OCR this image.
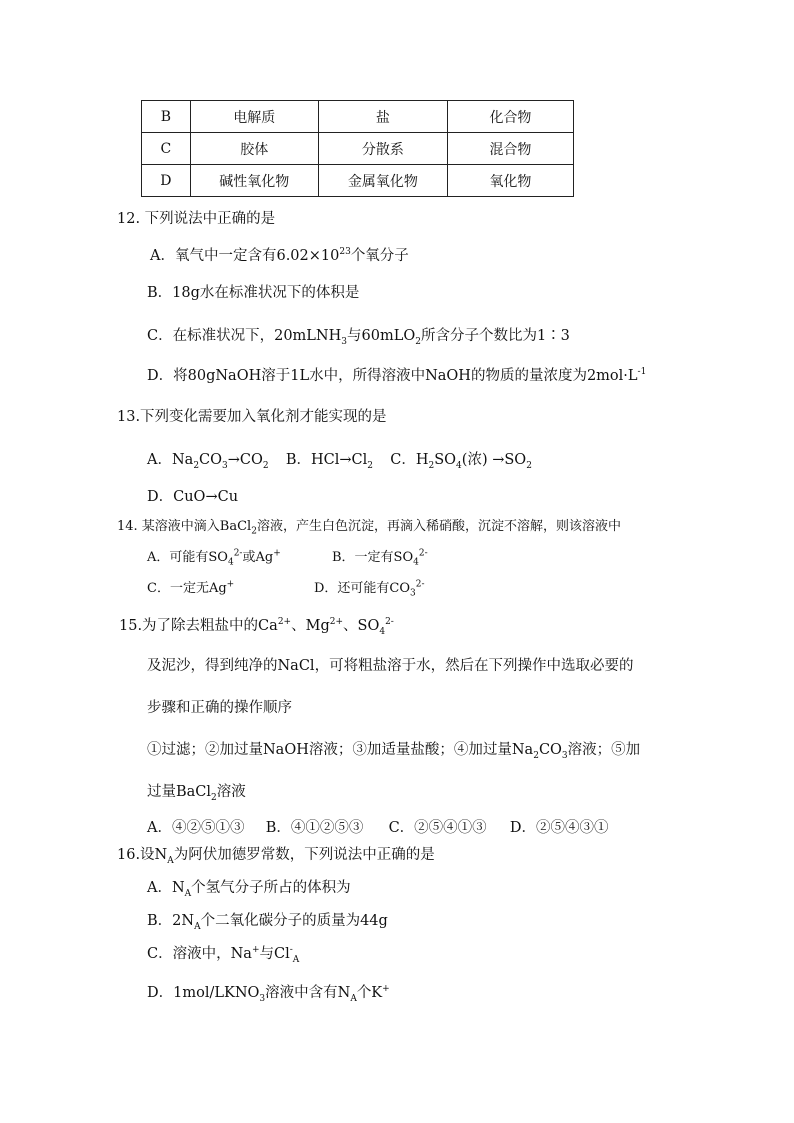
B	电解质	盐	化合物
C	胶体	分散系	混合物
D	碱性氧化物	金属氧化物	氧化物
12. 下列说法中正确的是
A．氧气中一定含有$6.02\times 10^{23}$个氧分子
B．18g水在标准状况下的体积是
C．在标准状况下，20mLNH$_3$与60mLO$_2$所含分子个数比为1∶3
D．将80gNaOH溶于1L水中，所得溶液中NaOH的物质的量浓度为$2mol\cdot L^{-1}$
13.下列变化需要加入氧化剂才能实现的是
A．$Na_2CO_3\to CO_2$ B．$HCl\to Cl_2$ C．$H_2SO_4$(浓) $\to SO_2$
D．CuO→Cu
14. 某溶液中滴入BaCl$_2$溶液，产生白色沉淀，再滴入稀硝酸，沉淀不溶解，则该溶液中
A．可能有$SO_4^{2-}$或Ag+	B．一定有$SO_4^{2-}$
C．一定无Ag+	D．还可能有$CO_3^{2-}$
15.为了除去粗盐中的$Ca^{2+}$、$Mg^{2+}$、$SO_4^{2-}$
及泥沙，得到纯净的NaCl，可将粗盐溶于水，然后在下列操作中选取必要的
步骤和正确的操作顺序
①过滤；②加过量NaOH溶液；③加适量盐酸；④加过量$Na_2CO_3$溶液；⑤加
过量BaCl$_2$溶液
A．④②⑤①③ B．④①②⑤③ C．②⑤④①③ D．②⑤④③①
16.设$N_A$为阿伏加德罗常数，下列说法中正确的是
A．$N_A$个氢气分子所占的体积为
B．$2N_A$个二氧化碳分子的质量为44g
C．溶液中，Na+与$Cl^-_A$
D．$1mol/LKNO_3$溶液中含有$N_A$个K+
